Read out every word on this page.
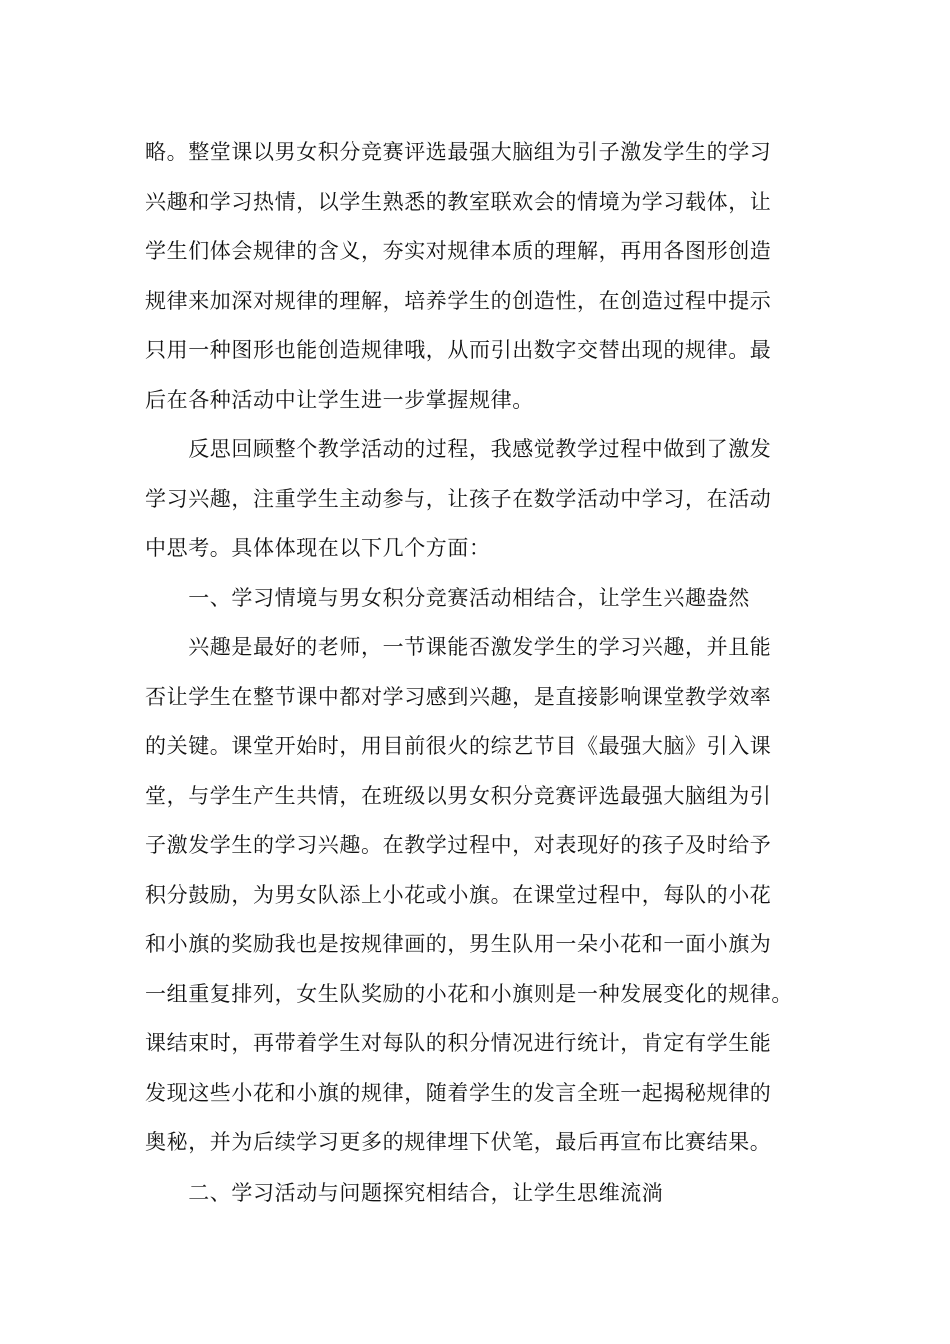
略。整堂课以男女积分竞赛评选最强大脑组为引子激发学生的学习
兴趣和学习热情，以学生熟悉的教室联欢会的情境为学习载体，让
学生们体会规律的含义，夯实对规律本质的理解，再用各图形创造
规律来加深对规律的理解，培养学生的创造性，在创造过程中提示
只用一种图形也能创造规律哦，从而引出数字交替出现的规律。最
后在各种活动中让学生进一步掌握规律。
　　反思回顾整个教学活动的过程，我感觉教学过程中做到了激发
学习兴趣，注重学生主动参与，让孩子在数学活动中学习，在活动
中思考。具体体现在以下几个方面：
　　一、学习情境与男女积分竞赛活动相结合，让学生兴趣盎然
　　兴趣是最好的老师，一节课能否激发学生的学习兴趣，并且能
否让学生在整节课中都对学习感到兴趣，是直接影响课堂教学效率
的关键。课堂开始时，用目前很火的综艺节目《最强大脑》引入课
堂，与学生产生共情，在班级以男女积分竞赛评选最强大脑组为引
子激发学生的学习兴趣。在教学过程中，对表现好的孩子及时给予
积分鼓励，为男女队添上小花或小旗。在课堂过程中，每队的小花
和小旗的奖励我也是按规律画的，男生队用一朵小花和一面小旗为
一组重复排列，女生队奖励的小花和小旗则是一种发展变化的规律。
课结束时，再带着学生对每队的积分情况进行统计，肯定有学生能
发现这些小花和小旗的规律，随着学生的发言全班一起揭秘规律的
奥秘，并为后续学习更多的规律埋下伏笔，最后再宣布比赛结果。
　　二、学习活动与问题探究相结合，让学生思维流淌
